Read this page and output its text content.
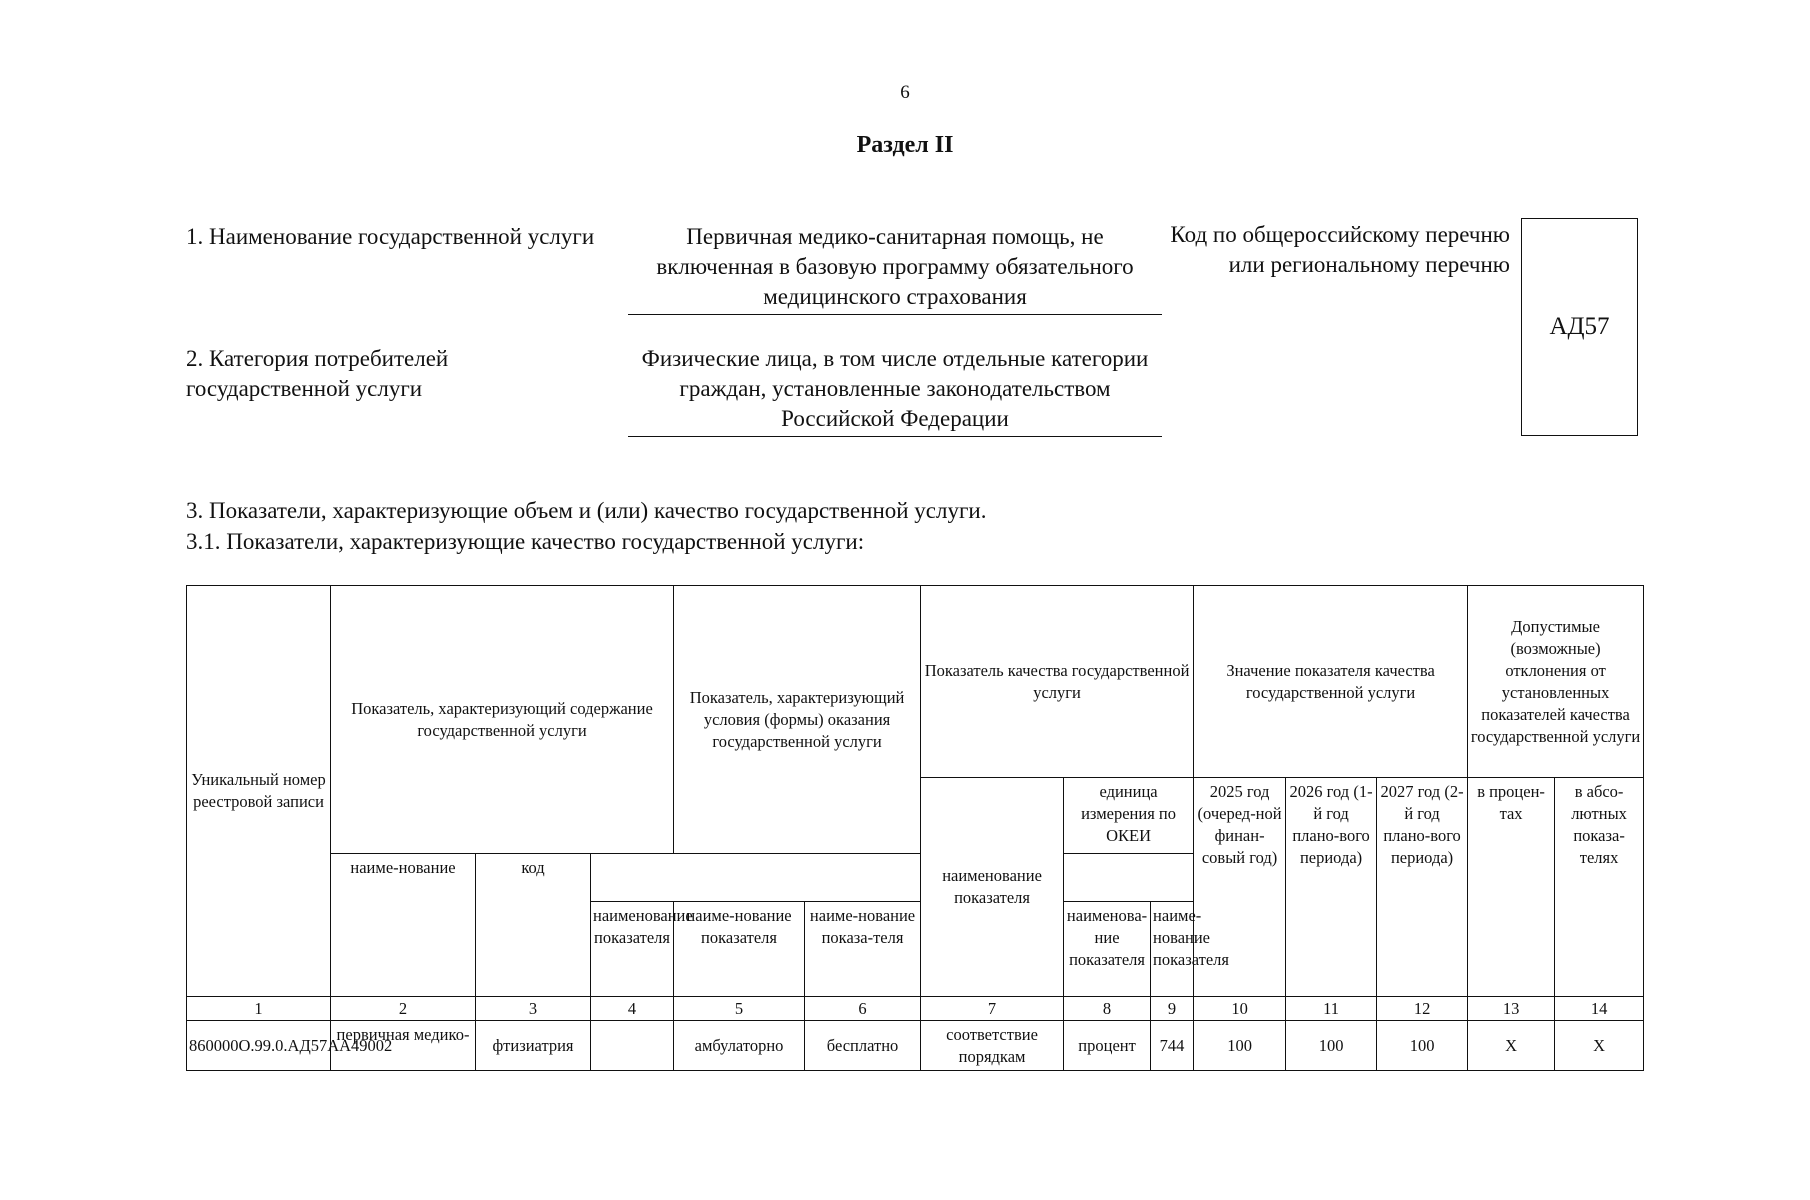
6
Раздел II
1. Наименование государственной услуги	Первичная медико-санитарная помощь, не включенная в базовую программу обязательного медицинского страхования
2. Категория потребителей государственной услуги
Физические лица, в том числе отдельные категории граждан, установленные законодательством Российской Федерации
Код по общероссийскому перечню или региональному перечню
АД57
3. Показатели, характеризующие объем и (или) качество государственной услуги.
3.1. Показатели, характеризующие качество государственной услуги:
Уникальный номер реестровой записи	Показатель, характеризующий содержание государственной услуги			Показатель, характеризующий условия (формы) оказания государственной услуги		Показатель качества государственной услуги			Значение показателя качества государственной услуги			Допустимые (возможные) отклонения от установленных показателей качества государственной услуги	
						наименование показателя	единица измерения по ОКЕИ		2025 год (очеред-ной финан-совый год)	2026 год (1-й год плано-вого периода)	2027 год (2-й год плано-вого периода)	в процен-тах	в абсо-лютных показа-телях
	наиме-нование	код											
			наименование показателя	наиме-нование показателя	наиме-нование показа-теля		наименова-ние показателя	наиме-нование показателя					
1	2	3	4	5	6	7	8	9	10	11	12	13	14
860000О.99.0.АД57АА49002	первичная медико-	фтизиатрия		амбулаторно	бесплатно	соответствие порядкам	процент	744	100	100	100	Х	Х
